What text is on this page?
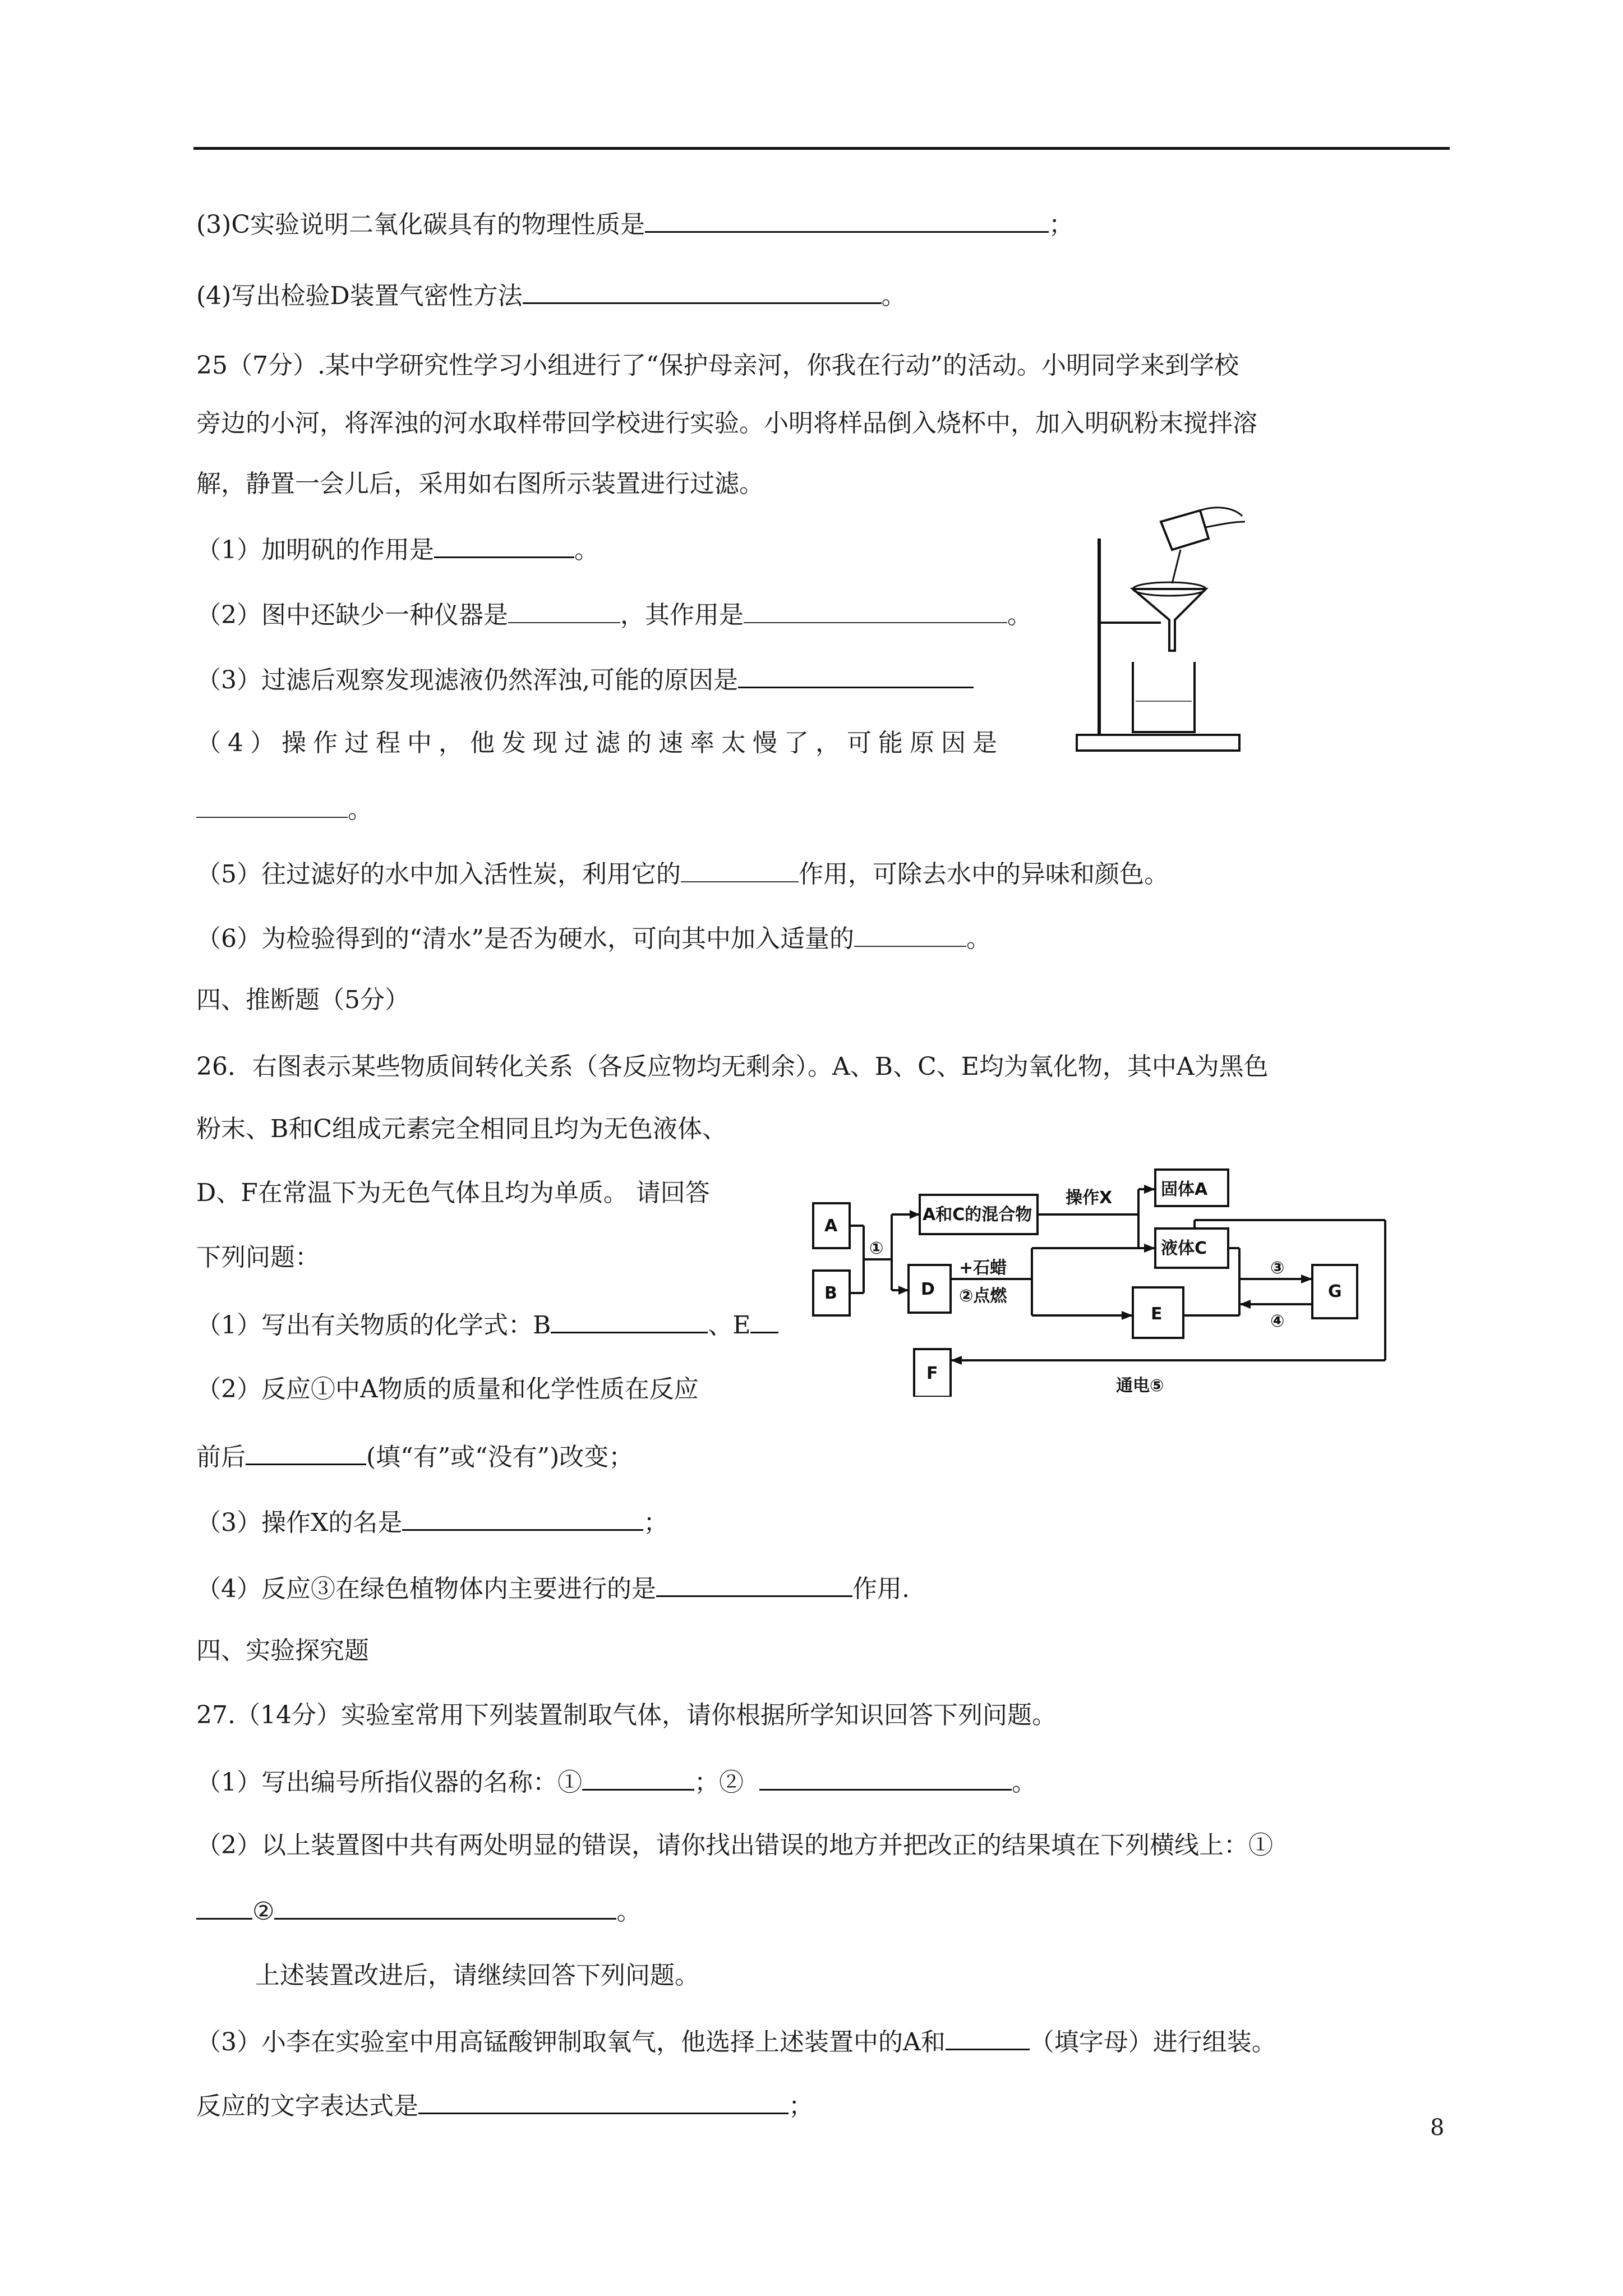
(3)C实验说明二氧化碳具有的物理性质是	；
(4)写出检验D装置气密性方法	。
25（7分）.某中学研究性学习小组进行了“保护母亲河，你我在行动”的活动。小明同学来到学校
旁边的小河，将浑浊的河水取样带回学校进行实验。小明将样品倒入烧杯中，加入明矾粉末搅拌溶
解，静置一会儿后，采用如右图所示装置进行过滤。
（1）加明矾的作用是	。
（2）图中还缺少一种仪器是	，其作用是	。
（3）过滤后观察发现滤液仍然浑浊,可能的原因是
（4）操作过程中，他发现过滤的速率太慢了，可能原因是
。
（5）往过滤好的水中加入活性炭，利用它的	作用，可除去水中的异味和颜色。
（6）为检验得到的“清水”是否为硬水，可向其中加入适量的	。
四、推断题（5分）
26．右图表示某些物质间转化关系（各反应物均无剩余）。A、B、C、E均为氧化物，其中A为黑色
粉末、B和C组成元素完全相同且均为无色液体、
D、F在常温下为无色气体且均为单质。 请回答
下列问题：
（1）写出有关物质的化学式：B	、E
（2）反应①中A物质的质量和化学性质在反应
前后	(填“有”或“没有”)改变；
（3）操作X的名是	；
（4）反应③在绿色植物体内主要进行的是	作用.
四、实验探究题
27.（14分）实验室常用下列装置制取气体，请你根据所学知识回答下列问题。
（1）写出编号所指仪器的名称：①	；②	。
（2）以上装置图中共有两处明显的错误，请你找出错误的地方并把改正的结果填在下列横线上：①
②	。
上述装置改进后，请继续回答下列问题。
（3）小李在实验室中用高锰酸钾制取氧气，他选择上述装置中的A和	（填字母）进行组装。
反应的文字表达式是	；
8
A
B
A和C的混合物
固体A
液体C
D
E
G
F
操作X
①
+石蜡
②点燃
③
④
通电⑤
